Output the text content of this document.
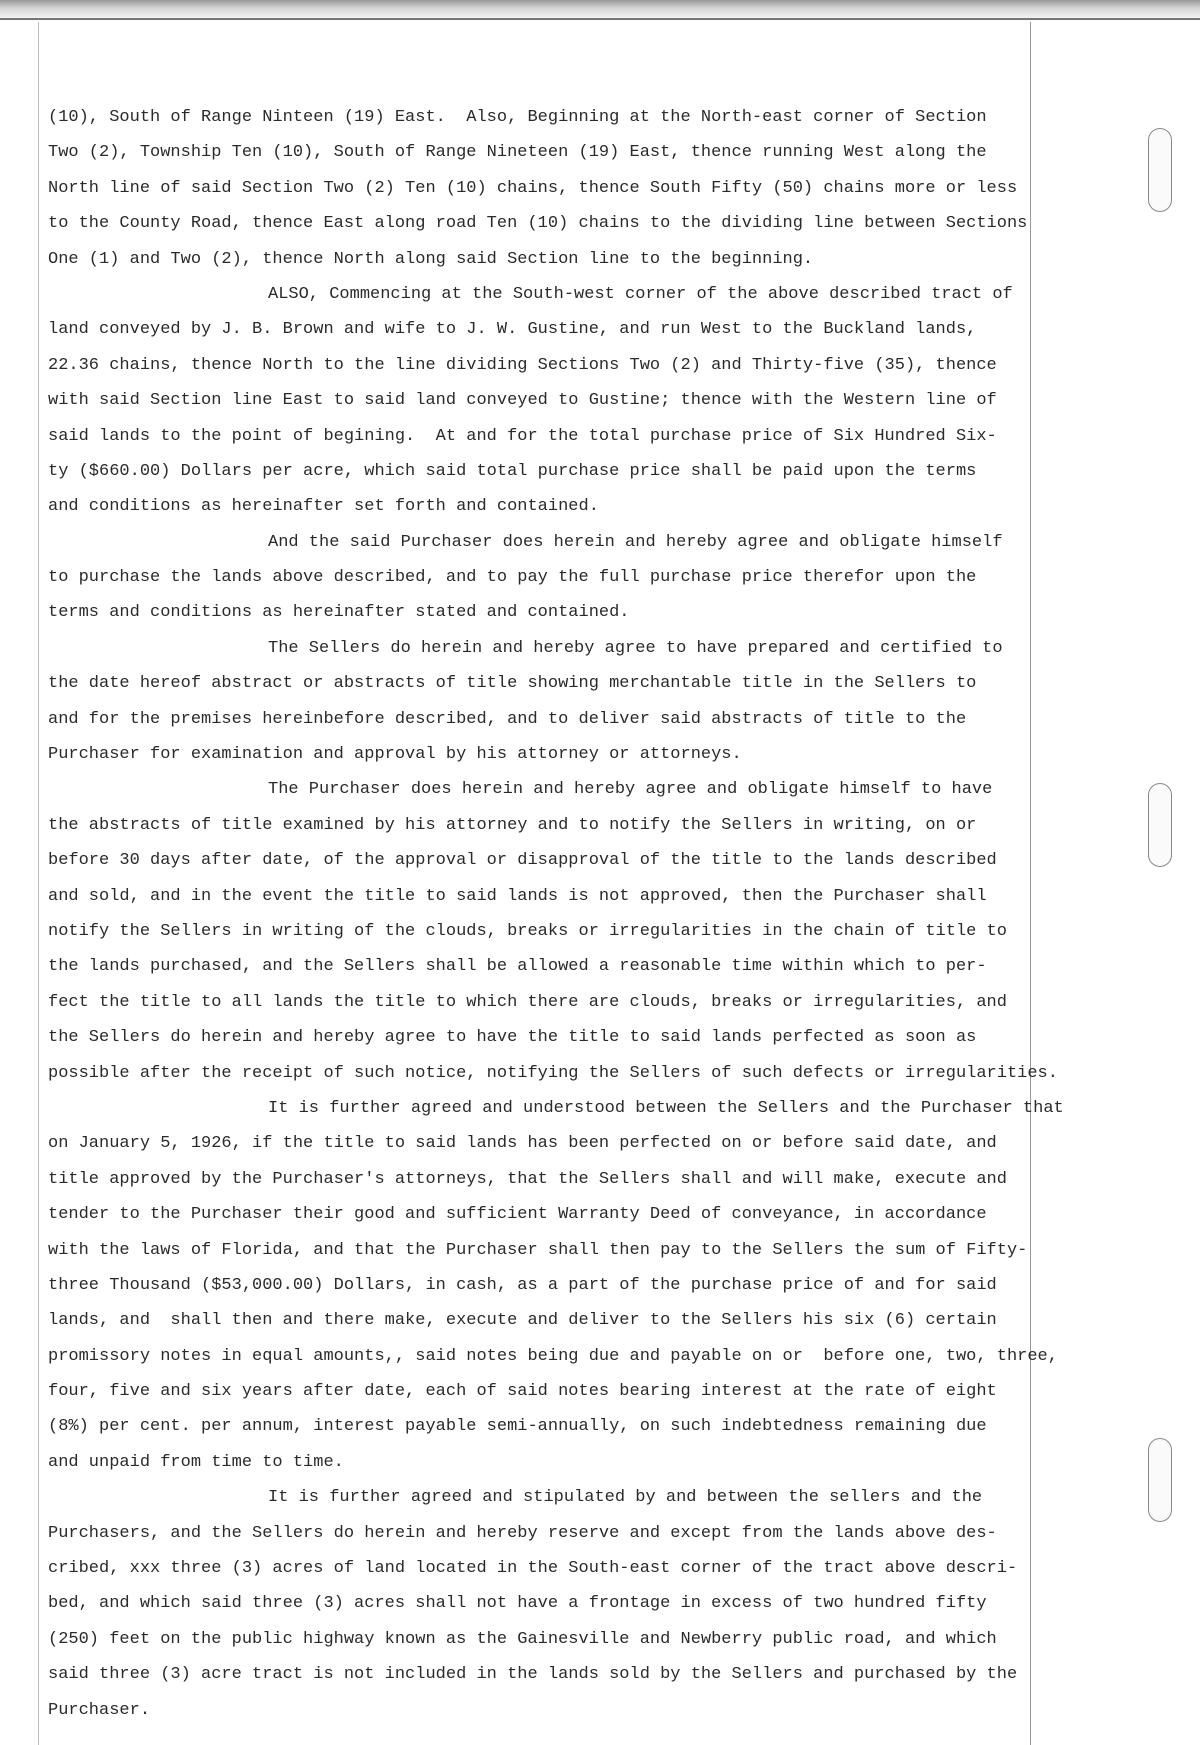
(10), South of Range Ninteen (19) East.  Also, Beginning at the North-east corner of Section
Two (2), Township Ten (10), South of Range Nineteen (19) East, thence running West along the
North line of said Section Two (2) Ten (10) chains, thence South Fifty (50) chains more or less
to the County Road, thence East along road Ten (10) chains to the dividing line between Sections
One (1) and Two (2), thence North along said Section line to the beginning.
ALSO, Commencing at the South-west corner of the above described tract of
land conveyed by J. B. Brown and wife to J. W. Gustine, and run West to the Buckland lands,
22.36 chains, thence North to the line dividing Sections Two (2) and Thirty-five (35), thence
with said Section line East to said land conveyed to Gustine; thence with the Western line of
said lands to the point of begining.  At and for the total purchase price of Six Hundred Six-
ty ($660.00) Dollars per acre, which said total purchase price shall be paid upon the terms
and conditions as hereinafter set forth and contained.
And the said Purchaser does herein and hereby agree and obligate himself
to purchase the lands above described, and to pay the full purchase price therefor upon the
terms and conditions as hereinafter stated and contained.
The Sellers do herein and hereby agree to have prepared and certified to
the date hereof abstract or abstracts of title showing merchantable title in the Sellers to
and for the premises hereinbefore described, and to deliver said abstracts of title to the
Purchaser for examination and approval by his attorney or attorneys.
The Purchaser does herein and hereby agree and obligate himself to have
the abstracts of title examined by his attorney and to notify the Sellers in writing, on or
before 30 days after date, of the approval or disapproval of the title to the lands described
and sold, and in the event the title to said lands is not approved, then the Purchaser shall
notify the Sellers in writing of the clouds, breaks or irregularities in the chain of title to
the lands purchased, and the Sellers shall be allowed a reasonable time within which to per-
fect the title to all lands the title to which there are clouds, breaks or irregularities, and
the Sellers do herein and hereby agree to have the title to said lands perfected as soon as
possible after the receipt of such notice, notifying the Sellers of such defects or irregularities.
It is further agreed and understood between the Sellers and the Purchaser that
on January 5, 1926, if the title to said lands has been perfected on or before said date, and
title approved by the Purchaser's attorneys, that the Sellers shall and will make, execute and
tender to the Purchaser their good and sufficient Warranty Deed of conveyance, in accordance
with the laws of Florida, and that the Purchaser shall then pay to the Sellers the sum of Fifty-
three Thousand ($53,000.00) Dollars, in cash, as a part of the purchase price of and for said
lands, and  shall then and there make, execute and deliver to the Sellers his six (6) certain
promissory notes in equal amounts,, said notes being due and payable on or  before one, two, three,
four, five and six years after date, each of said notes bearing interest at the rate of eight
(8%) per cent. per annum, interest payable semi-annually, on such indebtedness remaining due
and unpaid from time to time.
It is further agreed and stipulated by and between the sellers and the
Purchasers, and the Sellers do herein and hereby reserve and except from the lands above des-
cribed, xxx three (3) acres of land located in the South-east corner of the tract above descri-
bed, and which said three (3) acres shall not have a frontage in excess of two hundred fifty
(250) feet on the public highway known as the Gainesville and Newberry public road, and which
said three (3) acre tract is not included in the lands sold by the Sellers and purchased by the
Purchaser.
